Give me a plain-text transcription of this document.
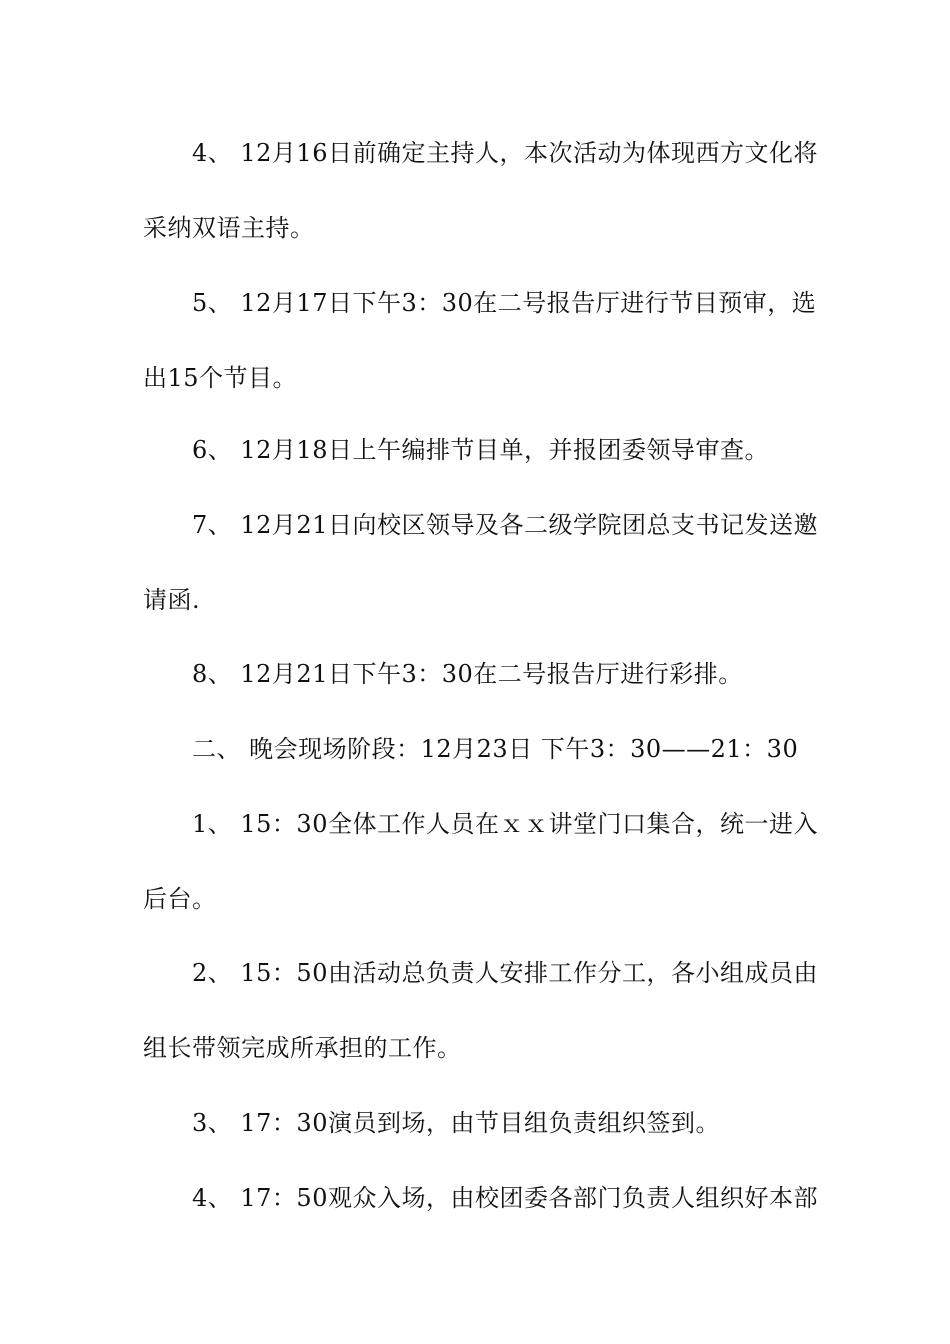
4、 12月16日前确定主持人，本次活动为体现西方文化将
采纳双语主持。
5、 12月17日下午3：30在二号报告厅进行节目预审，选
出15个节目。
6、 12月18日上午编排节目单，并报团委领导审查。
7、 12月21日向校区领导及各二级学院团总支书记发送邀
请函.
8、 12月21日下午3：30在二号报告厅进行彩排。
二、 晚会现场阶段：12月23日 下午3：30——21：30
1、 15：30全体工作人员在ｘｘ讲堂门口集合，统一进入
后台。
2、 15：50由活动总负责人安排工作分工，各小组成员由
组长带领完成所承担的工作。
3、 17：30演员到场，由节目组负责组织签到。
4、 17：50观众入场，由校团委各部门负责人组织好本部
